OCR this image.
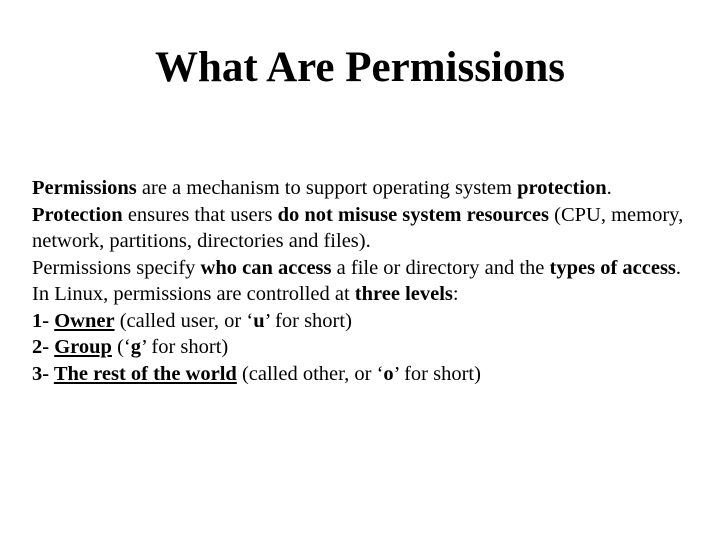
What Are Permissions
Permissions are a mechanism to support operating system protection.
Protection ensures that users do not misuse system resources (CPU, memory, network, partitions, directories and files).
Permissions specify who can access a file or directory and the types of access.
In Linux, permissions are controlled at three levels:
1- Owner (called user, or ‘u’ for short)
2- Group (‘g’ for short)
3- The rest of the world (called other, or ‘o’ for short)
